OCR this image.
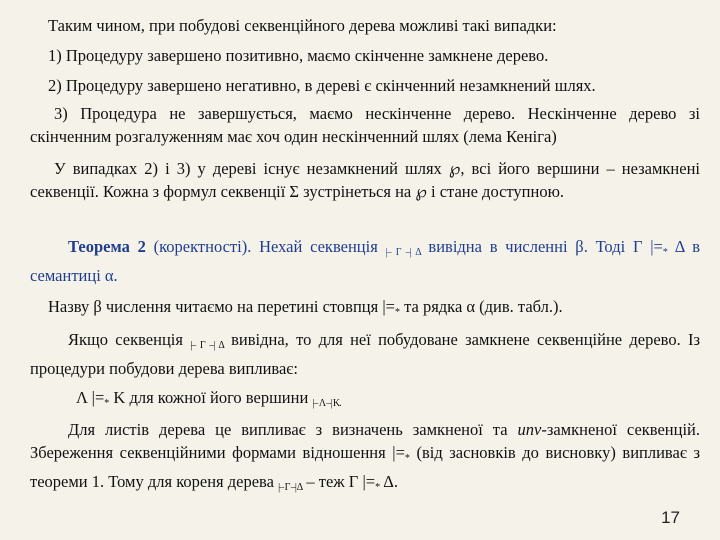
Таким чином, при побудові секвенційного дерева можливі такі випадки:

1) Процедуру завершено позитивно, маємо скінченне замкнене дерево.

2) Процедуру завершено негативно, в дереві є скінченний незамкнений шлях.

3) Процедура не завершується, маємо нескінченне дерево. Нескінченне дерево зі скінченним розгалуженням має хоч один нескінченний шлях (лема Кеніга)

У випадках 2) і 3) у дереві існує незамкнений шлях ℘, всі його вершини – незамкнені секвенції. Кожна з формул секвенції Σ зустрінеться на ℘ і стане доступною.

Теорема 2 (коректності). Нехай секвенція |– Γ –| Δ вивідна в численні β. Тоді Γ $|=_*$ Δ в семантиці α.

Назву β числення читаємо на перетині стовпця $|=_*$ та рядка α (див. табл.).

Якщо секвенція |– Γ –| Δ вивідна, то для неї побудоване замкнене секвенційне дерево. Із процедури побудови дерева випливає:

Λ $|=_*$ Κ для кожної його вершини |– Λ –| Κ.

Для листів дерева це випливає з визначень замкненої та unv-замкненої секвенцій. Збереження секвенційними формами відношення $|=_*$ (від засновків до висновку) випливає з теореми 1. Тому для кореня дерева |– Γ –| Δ – теж Γ $|=_*$ Δ.

17
